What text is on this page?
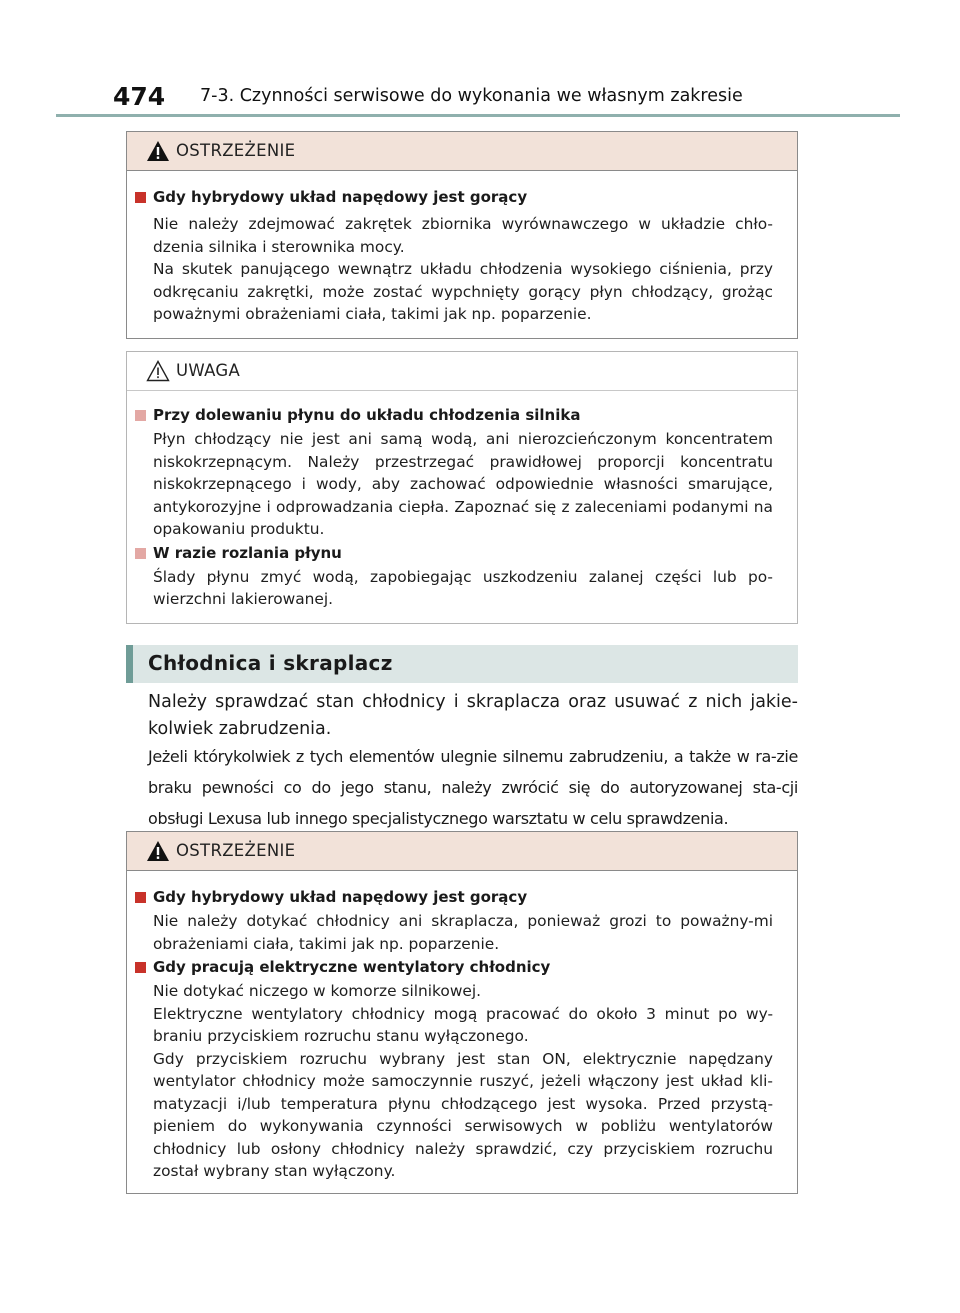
474 7-3. Czynności serwisowe do wykonania we własnym zakresie
OSTRZEŻENIE
Gdy hybrydowy układ napędowy jest gorący
Nie należy zdejmować zakrętek zbiornika wyrównawczego w układzie chło-dzenia silnika i sterownika mocy.
Na skutek panującego wewnątrz układu chłodzenia wysokiego ciśnienia, przy odkręcaniu zakrętki, może zostać wypchnięty gorący płyn chłodzący, grożąc poważnymi obrażeniami ciała, takimi jak np. poparzenie.
UWAGA
Przy dolewaniu płynu do układu chłodzenia silnika
Płyn chłodzący nie jest ani samą wodą, ani nierozcieńczonym koncentratem niskokrzepnącym. Należy przestrzegać prawidłowej proporcji koncentratu niskokrzepnącego i wody, aby zachować odpowiednie własności smarujące, antykorozyjne i odprowadzania ciepła. Zapoznać się z zaleceniami podanymi na opakowaniu produktu.
W razie rozlania płynu
Ślady płynu zmyć wodą, zapobiegając uszkodzeniu zalanej części lub po-wierzchni lakierowanej.
Chłodnica i skraplacz
Należy sprawdzać stan chłodnicy i skraplacza oraz usuwać z nich jakie-kolwiek zabrudzenia.
Jeżeli którykolwiek z tych elementów ulegnie silnemu zabrudzeniu, a także w ra-zie braku pewności co do jego stanu, należy zwrócić się do autoryzowanej sta-cji obsługi Lexusa lub innego specjalistycznego warsztatu w celu sprawdzenia.
OSTRZEŻENIE
Gdy hybrydowy układ napędowy jest gorący
Nie należy dotykać chłodnicy ani skraplacza, ponieważ grozi to poważny-mi obrażeniami ciała, takimi jak np. poparzenie.
Gdy pracują elektryczne wentylatory chłodnicy
Nie dotykać niczego w komorze silnikowej.
Elektryczne wentylatory chłodnicy mogą pracować do około 3 minut po wy-braniu przyciskiem rozruchu stanu wyłączonego.
Gdy przyciskiem rozruchu wybrany jest stan ON, elektrycznie napędzany wentylator chłodnicy może samoczynnie ruszyć, jeżeli włączony jest układ kli-matyzacji i/lub temperatura płynu chłodzącego jest wysoka. Przed przystą-pieniem do wykonywania czynności serwisowych w pobliżu wentylatorów chłodnicy lub osłony chłodnicy należy sprawdzić, czy przyciskiem rozruchu został wybrany stan wyłączony.
